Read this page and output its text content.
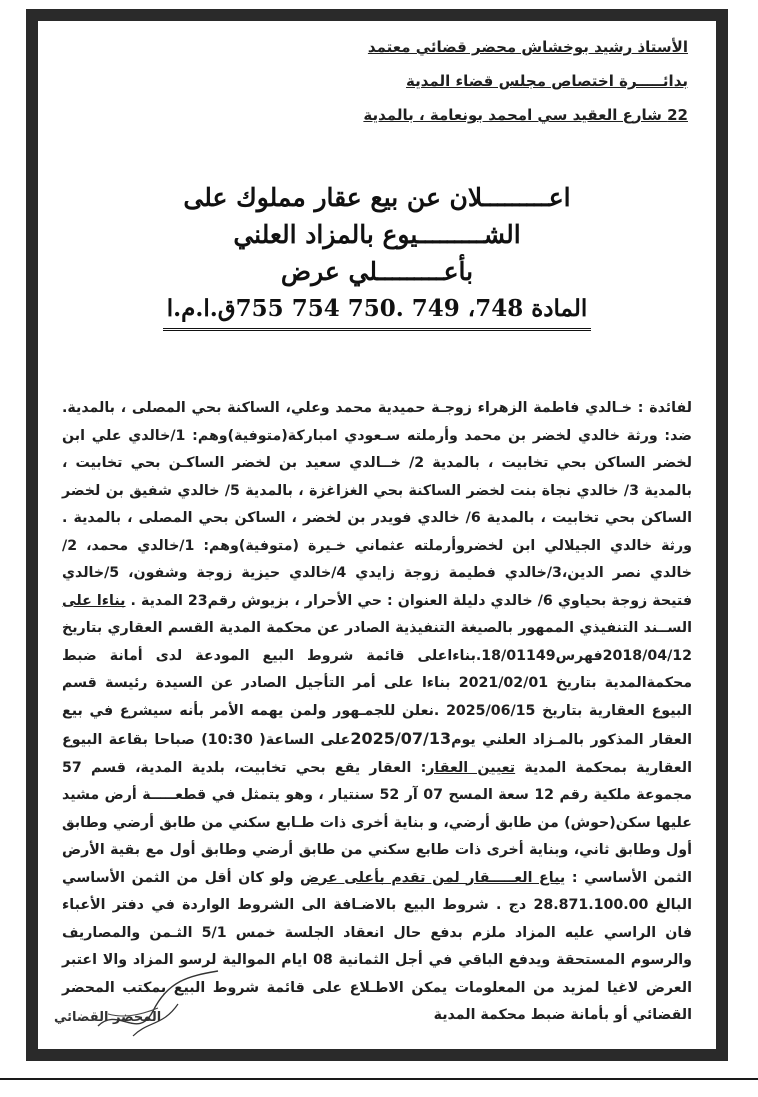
الأستاذ رشيد بوخشاش محضر قضائي معتمد
بدائـــــرة اختصاص مجلس قضاء المدية
22 شارع العقيد سي امحمد بونعامة ، بالمدية
اعـــــــــلان عن بيع عقار مملوك على
الشـــــــــيوع بالمزاد العلني
بأعـــــــــلي عرض
المادة 748، 749 .750 754 755ق.ا.م.ا
لفائدة : خـالدي فاطمة الزهراء زوجـة حميدية محمد وعلي، الساكنة بحي المصلى ، بالمدية. ضد: ورثة خالدي لخضر بن محمد وأرملته سـعودي امباركة(متوفية)وهم: 1/خالدي علي ابن لخضر الساكن بحي تخابيت ، بالمدية 2/ خــالدي سعيد بن لخضر الساكـن بحي تخابيت ، بالمدية 3/ خالدي نجاة بنت لخضر الساكنة بحي الغزاغزة ، بالمدية 5/ خالدي شفيق بن لخضر الساكن بحي تخابيت ، بالمدية 6/ خالدي فويدر بن لخضر ، الساكن بحي المصلى ، بالمدية . ورثة خالدي الجيلالي ابن لخضروأرملته عثماني خـيرة (متوفية)وهم: 1/خالدي محمد، 2/خالدي نصر الدين،3/خالدي فطيمة زوجة زايدي 4/خالدي حيزية زوجة وشفون، 5/خالدي فتيحة زوجة بحياوي 6/ خالدي دليلة العنوان : حي الأحرار ، بزيوش رقم23 المدية . بناءا على الســند التنفيذي الممهور بالصيغة التنفيذية الصادر عن محكمة المدية القسم العقاري بتاريخ 2018/04/12فهرس18/01149.بناءاعلى قائمة شروط البيع المودعة لدى أمانة ضبط محكمةالمدية بتاريخ 2021/02/01 بناءا على أمر التأجيل الصادر عن السيدة رئيسة قسم البيوع العقارية بتاريخ 2025/06/15 .نعلن للجمـهور ولمن يهمه الأمر بأنه سيشرع في بيع العقار المذكور بالمـزاد العلني يوم2025/07/13على الساعة( 10:30) صباحا بقاعة البيوع العقارية بمحكمة المدية تعيين العقار: العقار يقع بحي تخابيت، بلدية المدية، قسم 57 مجموعة ملكية رقم 12 سعة المسح 07 آر 52 سنتيار ، وهو يتمثل في قطعـــــة أرض مشيد عليها سكن(حوش) من طابق أرضي، و بناية أخرى ذات طـابع سكني من طابق أرضي وطابق أول وطابق ثاني، وبناية أخرى ذات طابع سكني من طابق أرضي وطابق أول مع بقية الأرض الثمن الأساسي : يباع العـــــقار لمن تقدم بأعلى عرض ولو كان أقل من الثمن الأساسي البالغ 28.871.100.00 دج . شروط البيع بالاضـافة الى الشروط الواردة في دفتر الأعباء فان الراسي عليه المزاد ملزم بدفع حال انعقاد الجلسة خمس 5/1 الثـمن والمصاريف والرسوم المستحقة ويدفع الباقي في أجل الثمانية 08 ايام الموالية لرسو المزاد والا اعتبر العرض لاغيا لمزيد من المعلومات يمكن الاطـلاع على قائمة شروط البيع بمكتب المحضر القضائي أو بأمانة ضبط محكمة المدية
المحضر القضائي
